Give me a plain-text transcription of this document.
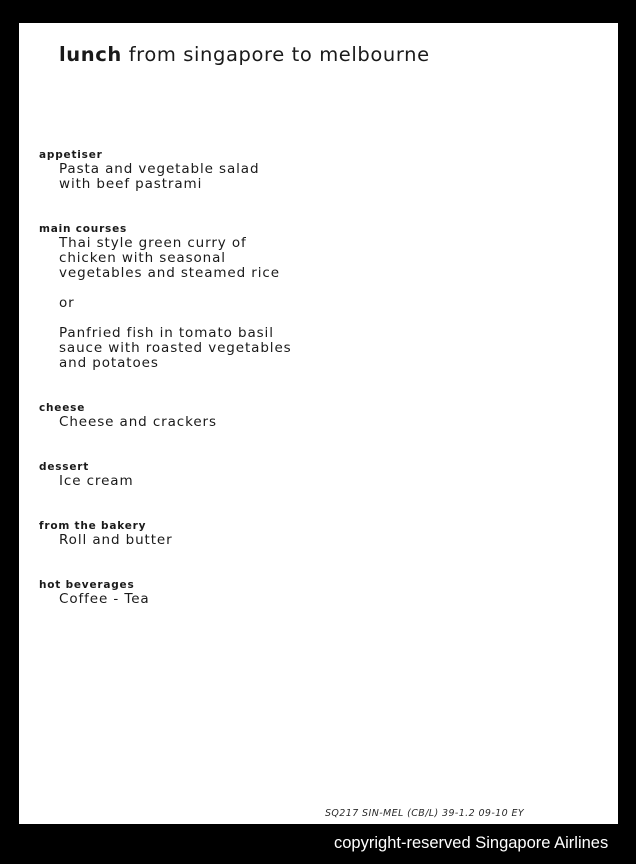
lunch from singapore to melbourne

appetiser

Pasta and vegetable salad
with beef pastrami

main courses

Thai style green curry of
chicken with seasonal
vegetables and steamed rice

or

Panfried fish in tomato basil
sauce with roasted vegetables
and potatoes

cheese

Cheese and crackers

dessert

Ice cream

from the bakery

Roll and butter

hot beverages

Coffee - Tea

SQ217 SIN-MEL (CB/L) 39-1.2 09-10 EY
copyright-reserved Singapore Airlines
